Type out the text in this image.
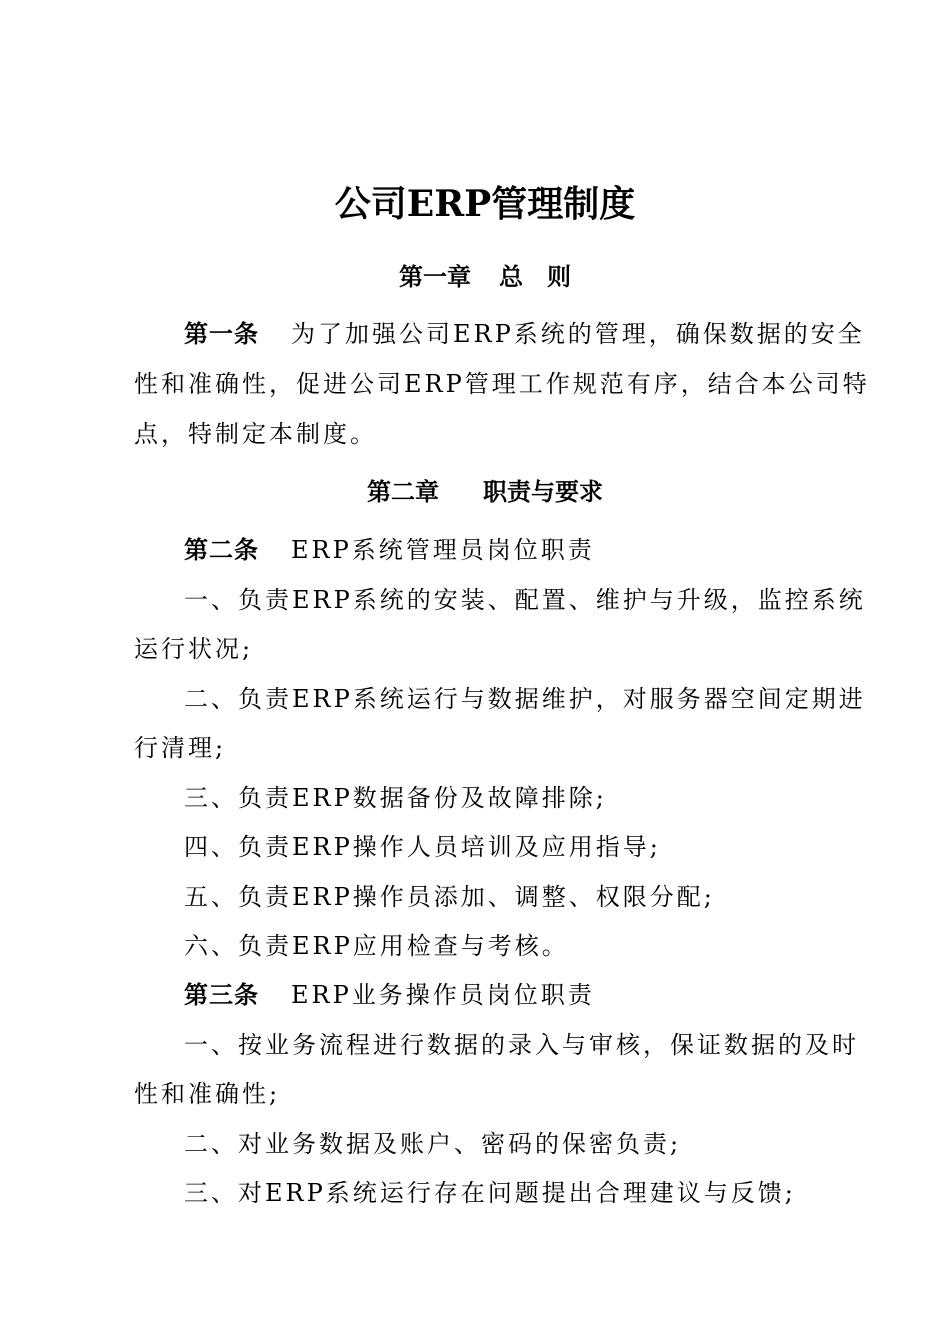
公司ERP管理制度
第一章 总　则
第一条 为了加强公司ERP系统的管理，确保数据的安全
性和准确性，促进公司ERP管理工作规范有序，结合本公司特
点，特制定本制度。
第二章 职责与要求
第二条 ERP系统管理员岗位职责
一、负责ERP系统的安装、配置、维护与升级，监控系统
运行状况;
二、负责ERP系统运行与数据维护，对服务器空间定期进
行清理;
三、负责ERP数据备份及故障排除;
四、负责ERP操作人员培训及应用指导;
五、负责ERP操作员添加、调整、权限分配;
六、负责ERP应用检查与考核。
第三条 ERP业务操作员岗位职责
一、按业务流程进行数据的录入与审核，保证数据的及时
性和准确性;
二、对业务数据及账户、密码的保密负责;
三、对ERP系统运行存在问题提出合理建议与反馈;
